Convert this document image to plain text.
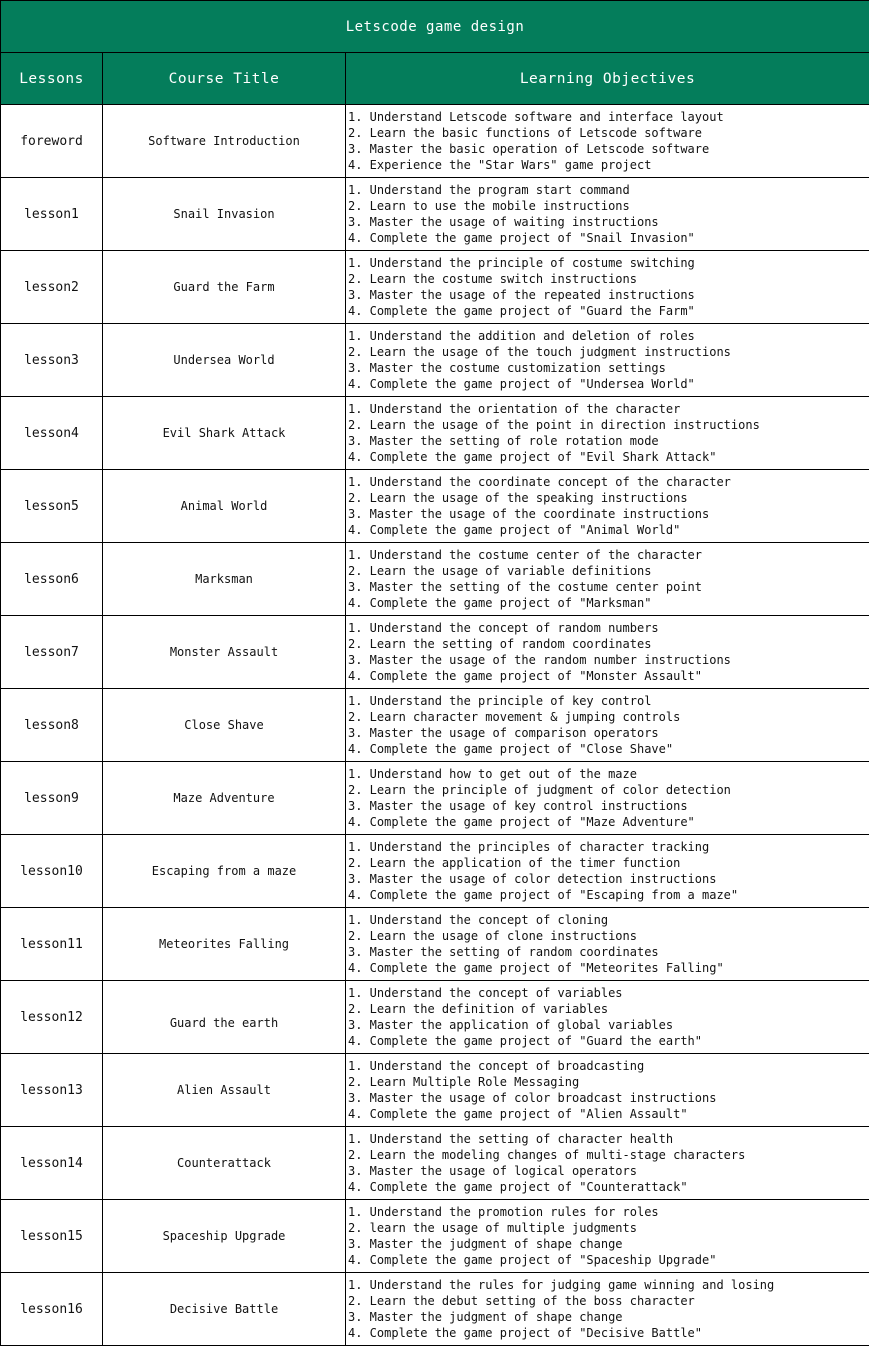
Letscode game design		
Lessons	Course Title	Learning Objectives
foreword	Software Introduction	1. Understand Letscode software and interface layout
2. Learn the basic functions of Letscode software
3. Master the basic operation of Letscode software
4. Experience the "Star Wars" game project

lesson1	Snail Invasion	1. Understand the program start command
2. Learn to use the mobile instructions
3. Master the usage of waiting instructions
4. Complete the game project of "Snail Invasion"

lesson2	Guard the Farm	1. Understand the principle of costume switching
2. Learn the costume switch instructions
3. Master the usage of the repeated instructions
4. Complete the game project of "Guard the Farm"

lesson3	Undersea World	1. Understand the addition and deletion of roles
2. Learn the usage of the touch judgment instructions
3. Master the costume customization settings
4. Complete the game project of "Undersea World"

lesson4	Evil Shark Attack	1. Understand the orientation of the character
2. Learn the usage of the point in direction instructions
3. Master the setting of role rotation mode
4. Complete the game project of "Evil Shark Attack"

lesson5	Animal World	1. Understand the coordinate concept of the character
2. Learn the usage of the speaking instructions
3. Master the usage of the coordinate instructions
4. Complete the game project of "Animal World"

lesson6	Marksman	1. Understand the costume center of the character
2. Learn the usage of variable definitions
3. Master the setting of the costume center point
4. Complete the game project of "Marksman"

lesson7	Monster Assault	1. Understand the concept of random numbers
2. Learn the setting of random coordinates
3. Master the usage of the random number instructions
4. Complete the game project of "Monster Assault"

lesson8	Close Shave	1. Understand the principle of key control
2. Learn character movement & jumping controls
3. Master the usage of comparison operators
4. Complete the game project of "Close Shave"

lesson9	Maze Adventure	1. Understand how to get out of the maze
2. Learn the principle of judgment of color detection
3. Master the usage of key control instructions
4. Complete the game project of "Maze Adventure"

lesson10	Escaping from a maze	1. Understand the principles of character tracking
2. Learn the application of the timer function
3. Master the usage of color detection instructions
4. Complete the game project of "Escaping from a maze"

lesson11	Meteorites Falling	1. Understand the concept of cloning
2. Learn the usage of clone instructions
3. Master the setting of random coordinates
4. Complete the game project of "Meteorites Falling"

lesson12	Guard the earth	1. Understand the concept of variables
2. Learn the definition of variables
3. Master the application of global variables
4. Complete the game project of "Guard the earth"

lesson13	Alien Assault	1. Understand the concept of broadcasting
2. Learn Multiple Role Messaging
3. Master the usage of color broadcast instructions
4. Complete the game project of "Alien Assault"

lesson14	Counterattack	1. Understand the setting of character health
2. Learn the modeling changes of multi-stage characters
3. Master the usage of logical operators
4. Complete the game project of "Counterattack"

lesson15	Spaceship Upgrade	1. Understand the promotion rules for roles
2. learn the usage of multiple judgments
3. Master the judgment of shape change
4. Complete the game project of "Spaceship Upgrade"

lesson16	Decisive Battle	1. Understand the rules for judging game winning and losing
2. Learn the debut setting of the boss character
3. Master the judgment of shape change
4. Complete the game project of "Decisive Battle"
